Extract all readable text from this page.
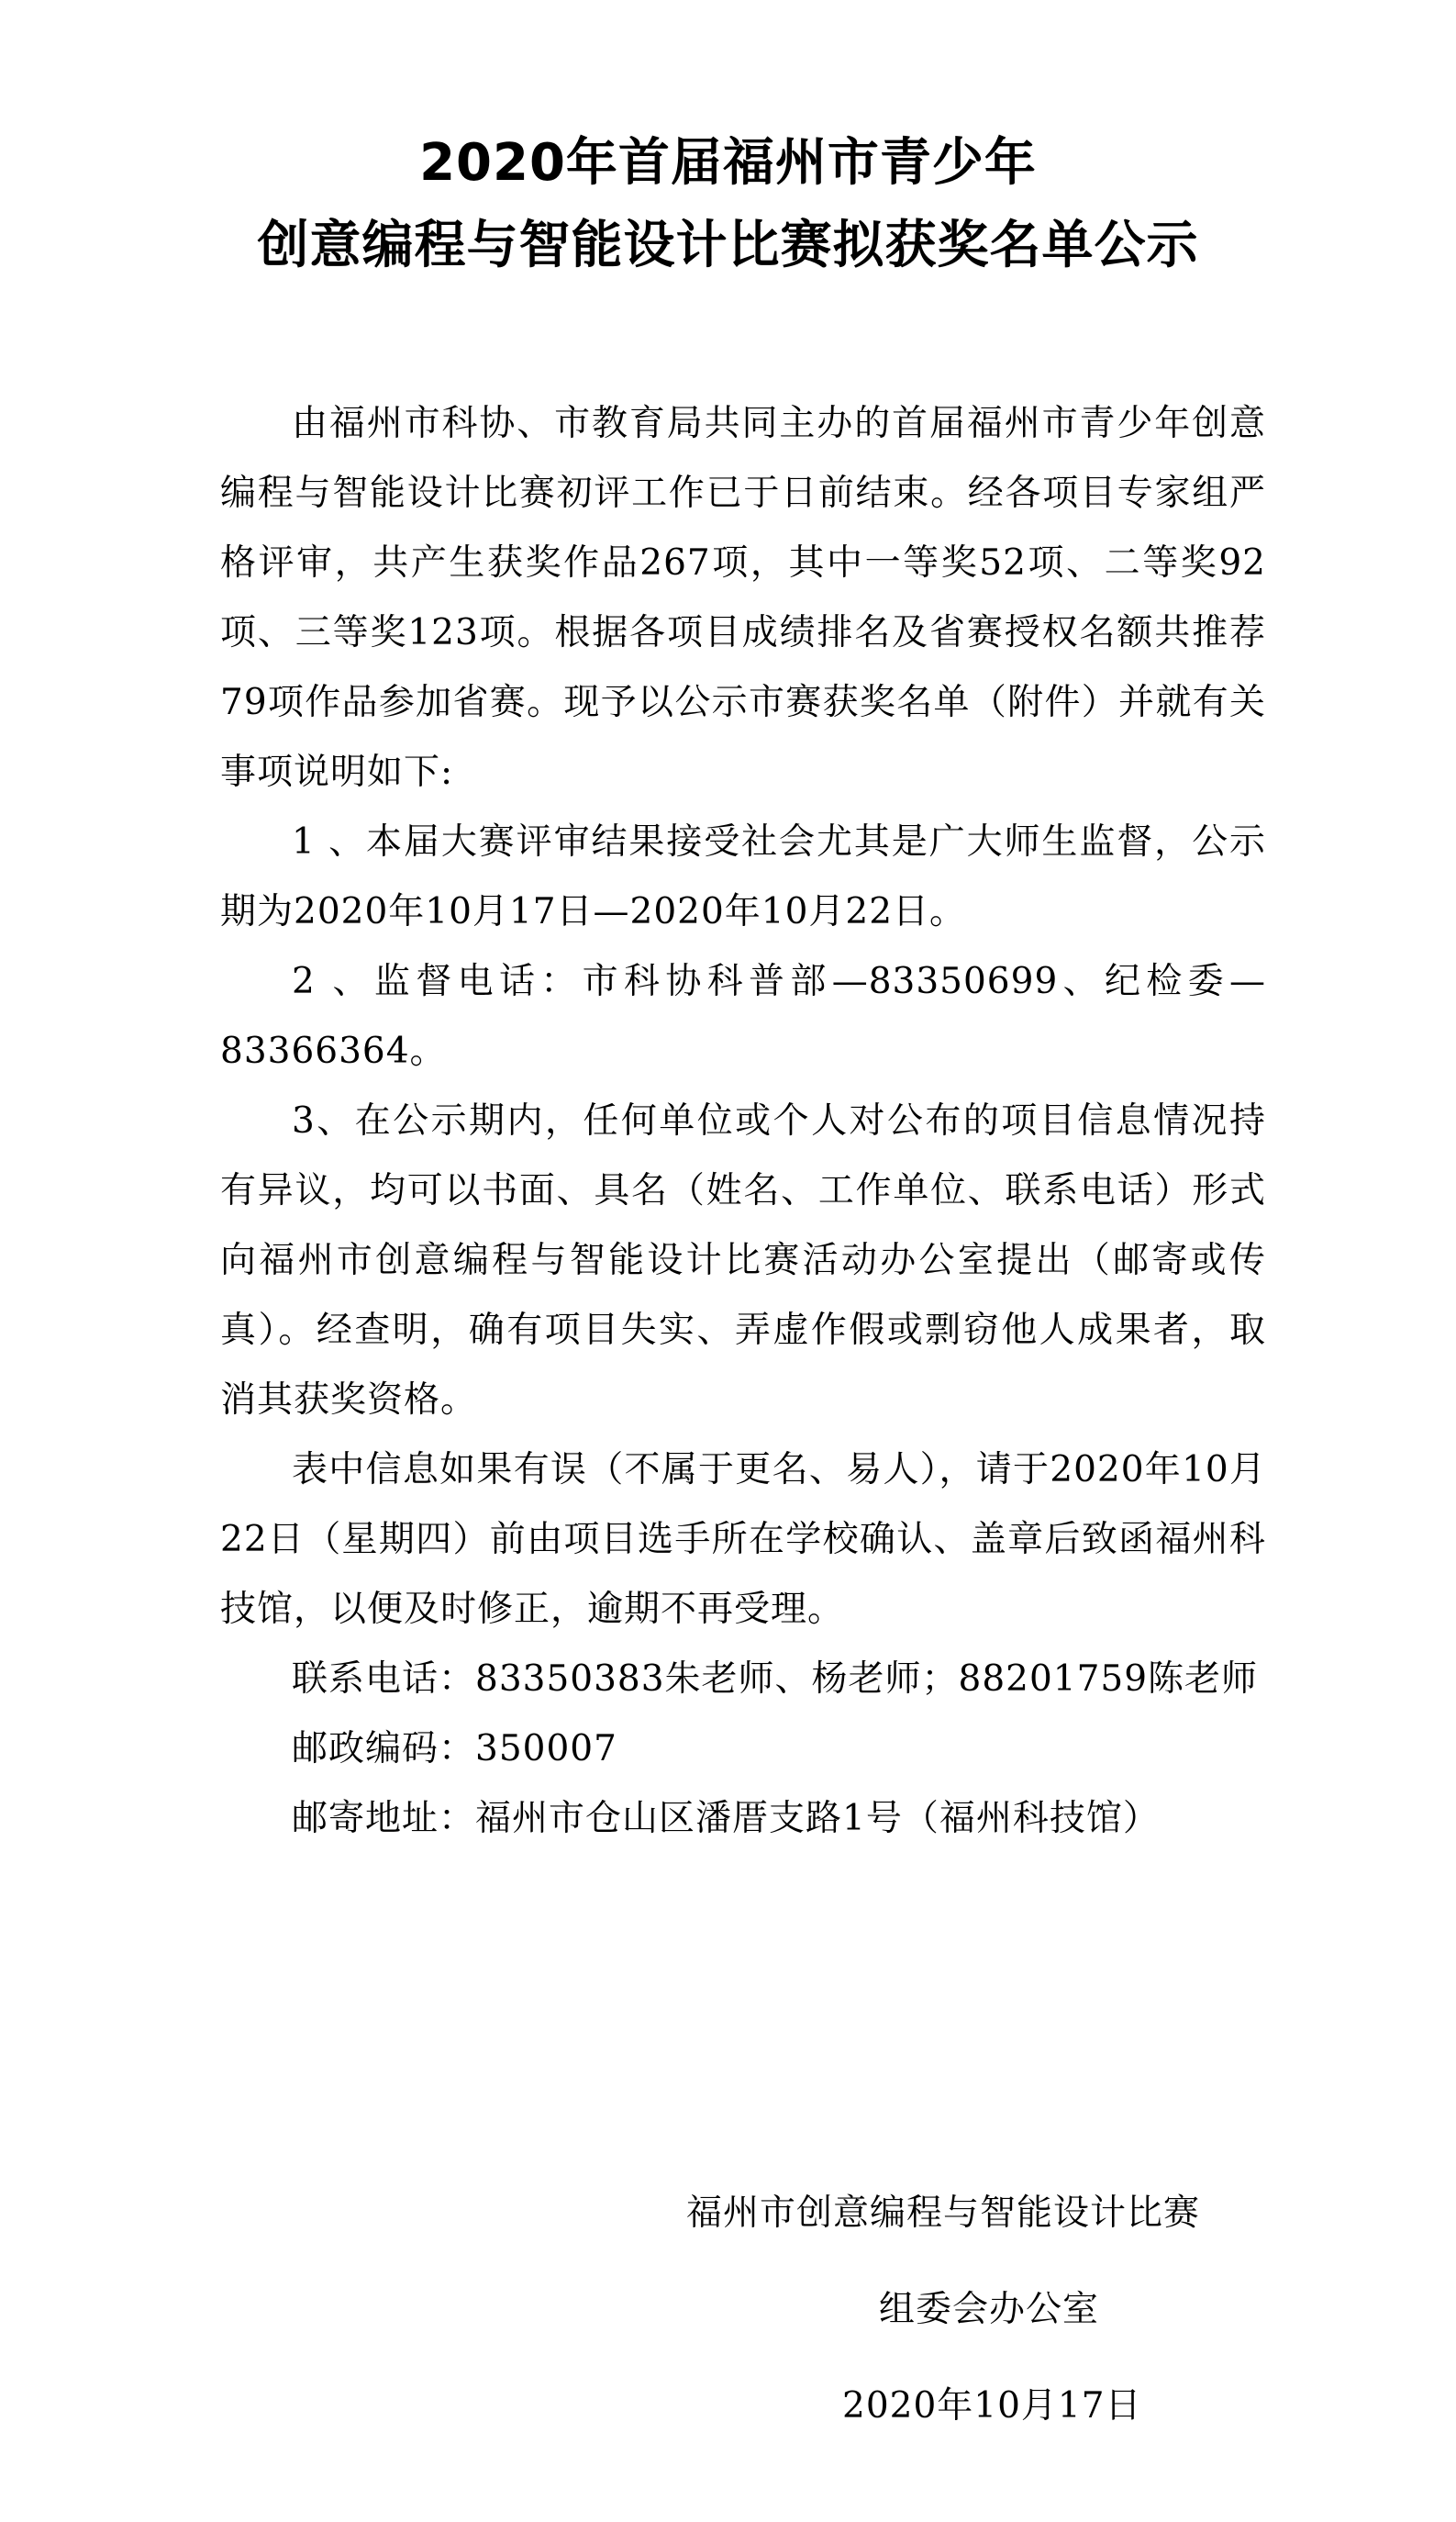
2020年首届福州市青少年
创意编程与智能设计比赛拟获奖名单公示

由福州市科协、市教育局共同主办的首届福州市青少年创意编程与智能设计比赛初评工作已于日前结束。经各项目专家组严格评审，共产生获奖作品267项，其中一等奖52项、二等奖92项、三等奖123项。根据各项目成绩排名及省赛授权名额共推荐79项作品参加省赛。现予以公示市赛获奖名单（附件）并就有关事项说明如下:

1 、本届大赛评审结果接受社会尤其是广大师生监督，公示期为2020年10月17日—2020年10月22日。

2 、监督电话：市科协科普部—83350699、纪检委—83366364。

3、在公示期内，任何单位或个人对公布的项目信息情况持有异议，均可以书面、具名（姓名、工作单位、联系电话）形式向福州市创意编程与智能设计比赛活动办公室提出（邮寄或传真）。经查明，确有项目失实、弄虚作假或剽窃他人成果者，取消其获奖资格。

表中信息如果有误（不属于更名、易人），请于2020年10月22日（星期四）前由项目选手所在学校确认、盖章后致函福州科技馆，以便及时修正，逾期不再受理。

联系电话：83350383朱老师、杨老师；88201759陈老师

邮政编码：350007

邮寄地址：福州市仓山区潘厝支路1号（福州科技馆）

福州市创意编程与智能设计比赛
组委会办公室
2020年10月17日
